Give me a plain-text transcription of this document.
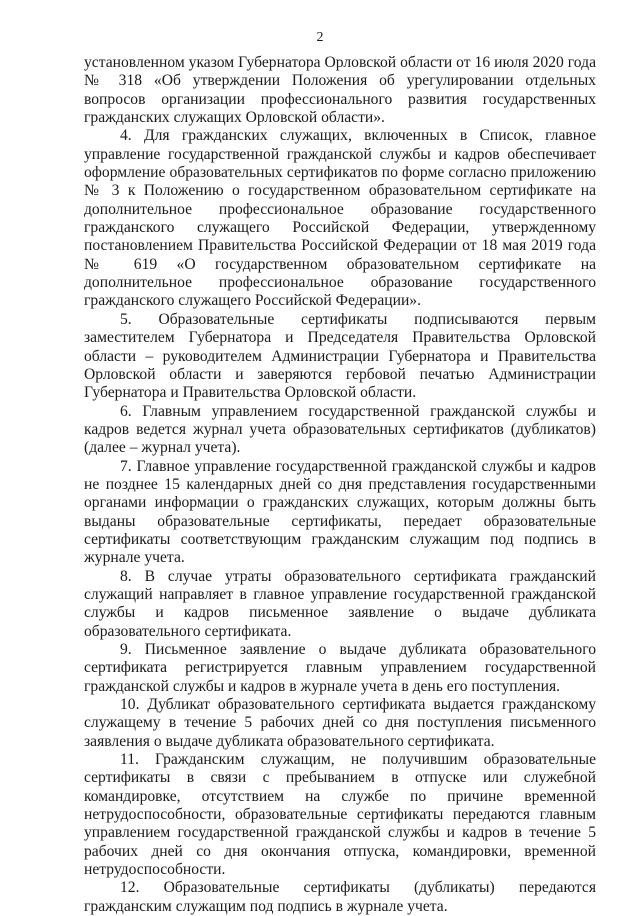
2

установленном указом Губернатора Орловской области от 16 июля 2020 года № 318 «Об утверждении Положения об урегулировании отдельных вопросов организации профессионального развития государственных гражданских служащих Орловской области».

4. Для гражданских служащих, включенных в Список, главное управление государственной гражданской службы и кадров обеспечивает оформление образовательных сертификатов по форме согласно приложению № 3 к Положению о государственном образовательном сертификате на дополнительное профессиональное образование государственного гражданского служащего Российской Федерации, утвержденному постановлением Правительства Российской Федерации от 18 мая 2019 года № 619 «О государственном образовательном сертификате на дополнительное профессиональное образование государственного гражданского служащего Российской Федерации».

5. Образовательные сертификаты подписываются первым заместителем Губернатора и Председателя Правительства Орловской области – руководителем Администрации Губернатора и Правительства Орловской области и заверяются гербовой печатью Администрации Губернатора и Правительства Орловской области.

6. Главным управлением государственной гражданской службы и кадров ведется журнал учета образовательных сертификатов (дубликатов) (далее – журнал учета).

7. Главное управление государственной гражданской службы и кадров не позднее 15 календарных дней со дня представления государственными органами информации о гражданских служащих, которым должны быть выданы образовательные сертификаты, передает образовательные сертификаты соответствующим гражданским служащим под подпись в журнале учета.

8. В случае утраты образовательного сертификата гражданский служащий направляет в главное управление государственной гражданской службы и кадров письменное заявление о выдаче дубликата образовательного сертификата.

9. Письменное заявление о выдаче дубликата образовательного сертификата регистрируется главным управлением государственной гражданской службы и кадров в журнале учета в день его поступления.

10. Дубликат образовательного сертификата выдается гражданскому служащему в течение 5 рабочих дней со дня поступления письменного заявления о выдаче дубликата образовательного сертификата.

11. Гражданским служащим, не получившим образовательные сертификаты в связи с пребыванием в отпуске или служебной командировке, отсутствием на службе по причине временной нетрудоспособности, образовательные сертификаты передаются главным управлением государственной гражданской службы и кадров в течение 5 рабочих дней со дня окончания отпуска, командировки, временной нетрудоспособности.

12. Образовательные сертификаты (дубликаты) передаются гражданским служащим под подпись в журнале учета.
